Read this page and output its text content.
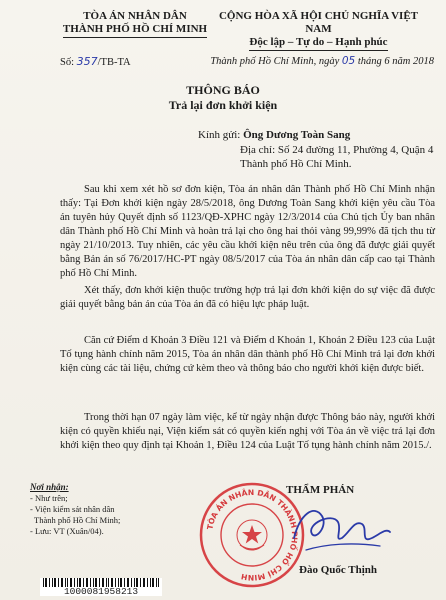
TÒA ÁN NHÂN DÂN
THÀNH PHỐ HỒ CHÍ MINH
CỘNG HÒA XÃ HỘI CHỦ NGHĨA VIỆT NAM
Độc lập – Tự do – Hạnh phúc
Số: 357/TB-TA	Thành phố Hồ Chí Minh, ngày 05 tháng 6 năm 2018
THÔNG BÁO
Trả lại đơn khởi kiện
Kính gửi: Ông Dương Toàn Sang
Địa chỉ: Số 24 đường 11, Phường 4, Quận 4 Thành phố Hồ Chí Minh.
Sau khi xem xét hồ sơ đơn kiện, Tòa án nhân dân Thành phố Hồ Chí Minh nhận thấy: Tại Đơn khởi kiện ngày 28/5/2018, ông Dương Toàn Sang khởi kiện yêu cầu Tòa án tuyên hủy Quyết định số 1123/QĐ-XPHC ngày 12/3/2014 của Chủ tịch Ủy ban nhân dân Thành phố Hồ Chí Minh và hoàn trả lại cho ông hai thỏi vàng 99,99% đã tịch thu từ ngày 21/10/2013. Tuy nhiên, các yêu cầu khởi kiện nêu trên của ông đã được giải quyết bằng Bản án số 76/2017/HC-PT ngày 08/5/2017 của Tòa án nhân dân cấp cao tại Thành phố Hồ Chí Minh.
Xét thấy, đơn khởi kiện thuộc trường hợp trả lại đơn khởi kiện do sự việc đã được giải quyết bằng bản án của Tòa án đã có hiệu lực pháp luật.
Căn cứ Điểm d Khoản 3 Điều 121 và Điểm d Khoản 1, Khoản 2 Điều 123 của Luật Tố tụng hành chính năm 2015, Tòa án nhân dân thành phố Hồ Chí Minh trả lại đơn khởi kiện cùng các tài liệu, chứng cứ kèm theo và thông báo cho người khởi kiện được biết.
Trong thời hạn 07 ngày làm việc, kể từ ngày nhận được Thông báo này, người khởi kiện có quyền khiếu nại, Viện kiểm sát có quyền kiến nghị với Tòa án về việc trả lại đơn khởi kiện theo quy định tại Khoản 1, Điều 124 của Luật Tố tụng hành chính năm 2015./.
Nơi nhận:
- Như trên;
- Viện kiểm sát nhân dân
Thành phố Hồ Chí Minh;
- Lưu: VT (Xuân/04).
THẨM PHÁN
TÒA ÁN NHÂN DÂN THÀNH PHỐ HỒ CHÍ MINH
Đào Quốc Thịnh
1000081958213
